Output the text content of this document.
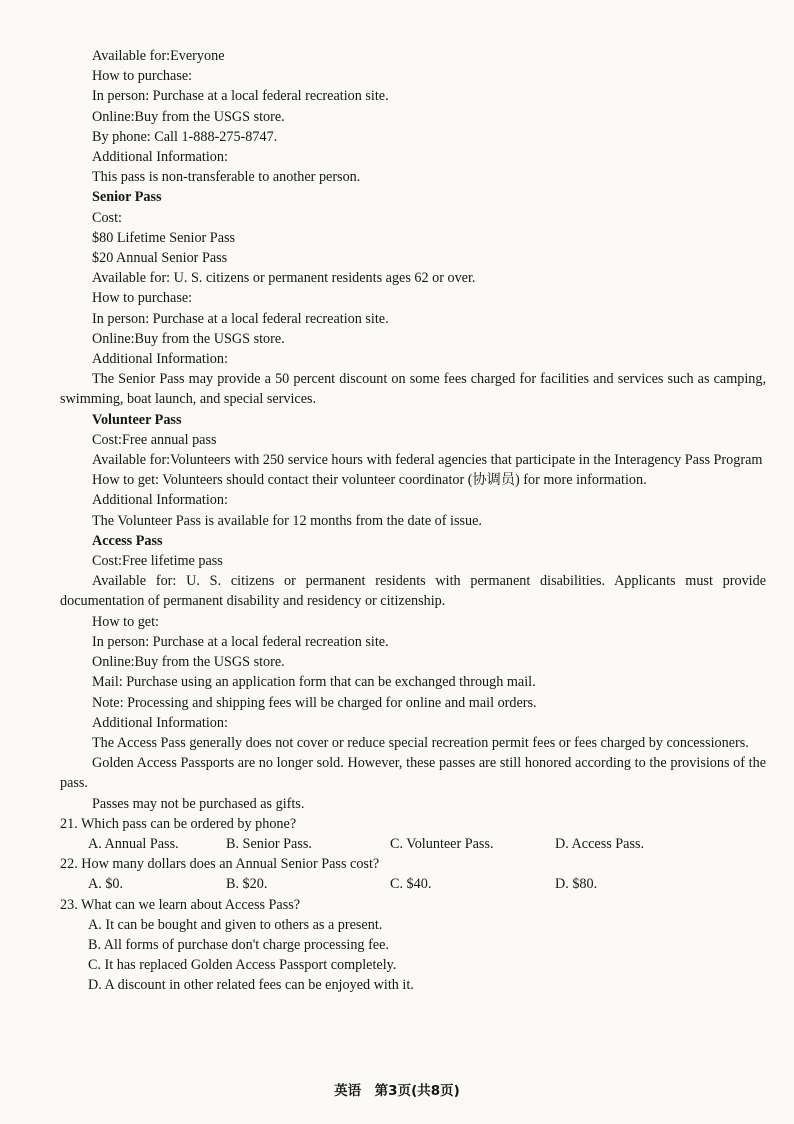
Available for:Everyone
How to purchase:
In person: Purchase at a local federal recreation site.
Online:Buy from the USGS store.
By phone: Call 1-888-275-8747.
Additional Information:
This pass is non-transferable to another person.
Senior Pass
Cost:
$80 Lifetime Senior Pass
$20 Annual Senior Pass
Available for: U. S. citizens or permanent residents ages 62 or over.
How to purchase:
In person: Purchase at a local federal recreation site.
Online:Buy from the USGS store.
Additional Information:
The Senior Pass may provide a 50 percent discount on some fees charged for facilities and services such as camping, swimming, boat launch, and special services.
Volunteer Pass
Cost:Free annual pass
Available for:Volunteers with 250 service hours with federal agencies that participate in the Interagency Pass Program
How to get: Volunteers should contact their volunteer coordinator (协调员) for more information.
Additional Information:
The Volunteer Pass is available for 12 months from the date of issue.
Access Pass
Cost:Free lifetime pass
Available for: U. S. citizens or permanent residents with permanent disabilities. Applicants must provide documentation of permanent disability and residency or citizenship.
How to get:
In person: Purchase at a local federal recreation site.
Online:Buy from the USGS store.
Mail: Purchase using an application form that can be exchanged through mail.
Note: Processing and shipping fees will be charged for online and mail orders.
Additional Information:
The Access Pass generally does not cover or reduce special recreation permit fees or fees charged by concessioners.
Golden Access Passports are no longer sold. However, these passes are still honored according to the provisions of the pass.
Passes may not be purchased as gifts.
21. Which pass can be ordered by phone?
A. Annual Pass.	B. Senior Pass.	C. Volunteer Pass.	D. Access Pass.
22. How many dollars does an Annual Senior Pass cost?
A. $0.	B. $20.	C. $40.	D. $80.
23. What can we learn about Access Pass?
A. It can be bought and given to others as a present.
B. All forms of purchase don't charge processing fee.
C. It has replaced Golden Access Passport completely.
D. A discount in other related fees can be enjoyed with it.
英语　第3页(共8页)
